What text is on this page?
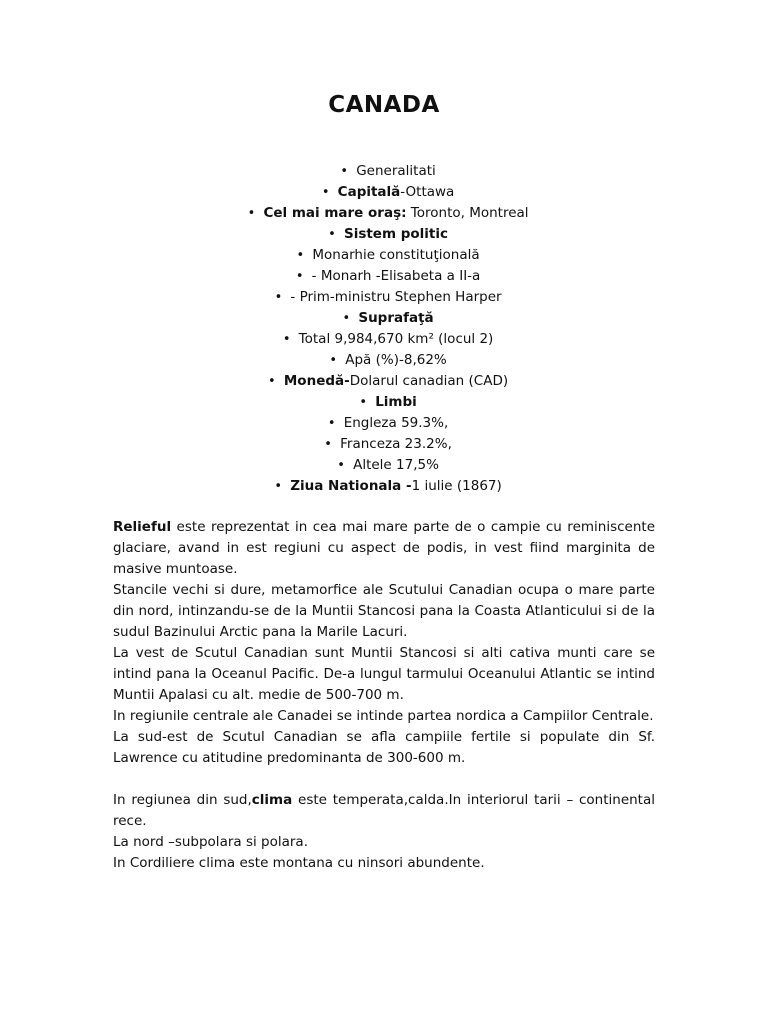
CANADA
• Generalitati
• Capitală-Ottawa
• Cel mai mare oraş: Toronto, Montreal
• Sistem politic
• Monarhie constituţională
• - Monarh -Elisabeta a II-a
• - Prim-ministru Stephen Harper
• Suprafaţă
• Total 9,984,670 km² (locul 2)
• Apă (%)-8,62%
• Monedă-Dolarul canadian (CAD)
• Limbi
• Engleza 59.3%,
• Franceza 23.2%,
• Altele 17,5%
• Ziua Nationala -1 iulie (1867)

Relieful este reprezentat in cea mai mare parte de o campie cu reminiscente glaciare, avand in est regiuni cu aspect de podis, in vest fiind marginita de masive muntoase.

Stancile vechi si dure, metamorfice ale Scutului Canadian ocupa o mare parte din nord, intinzandu-se de la Muntii Stancosi pana la Coasta Atlanticului si de la sudul Bazinului Arctic pana la Marile Lacuri.

La vest de Scutul Canadian sunt Muntii Stancosi si alti cativa munti care se intind pana la Oceanul Pacific. De-a lungul tarmului Oceanului Atlantic se intind Muntii Apalasi cu alt. medie de 500-700 m.

In regiunile centrale ale Canadei se intinde partea nordica a Campiilor Centrale.

La sud-est de Scutul Canadian se afla campiile fertile si populate din Sf. Lawrence cu atitudine predominanta de 300-600 m.

In regiunea din sud,clima este temperata,calda.In interiorul tarii – continental rece.

La nord –subpolara si polara.

In Cordiliere clima este montana cu ninsori abundente.
